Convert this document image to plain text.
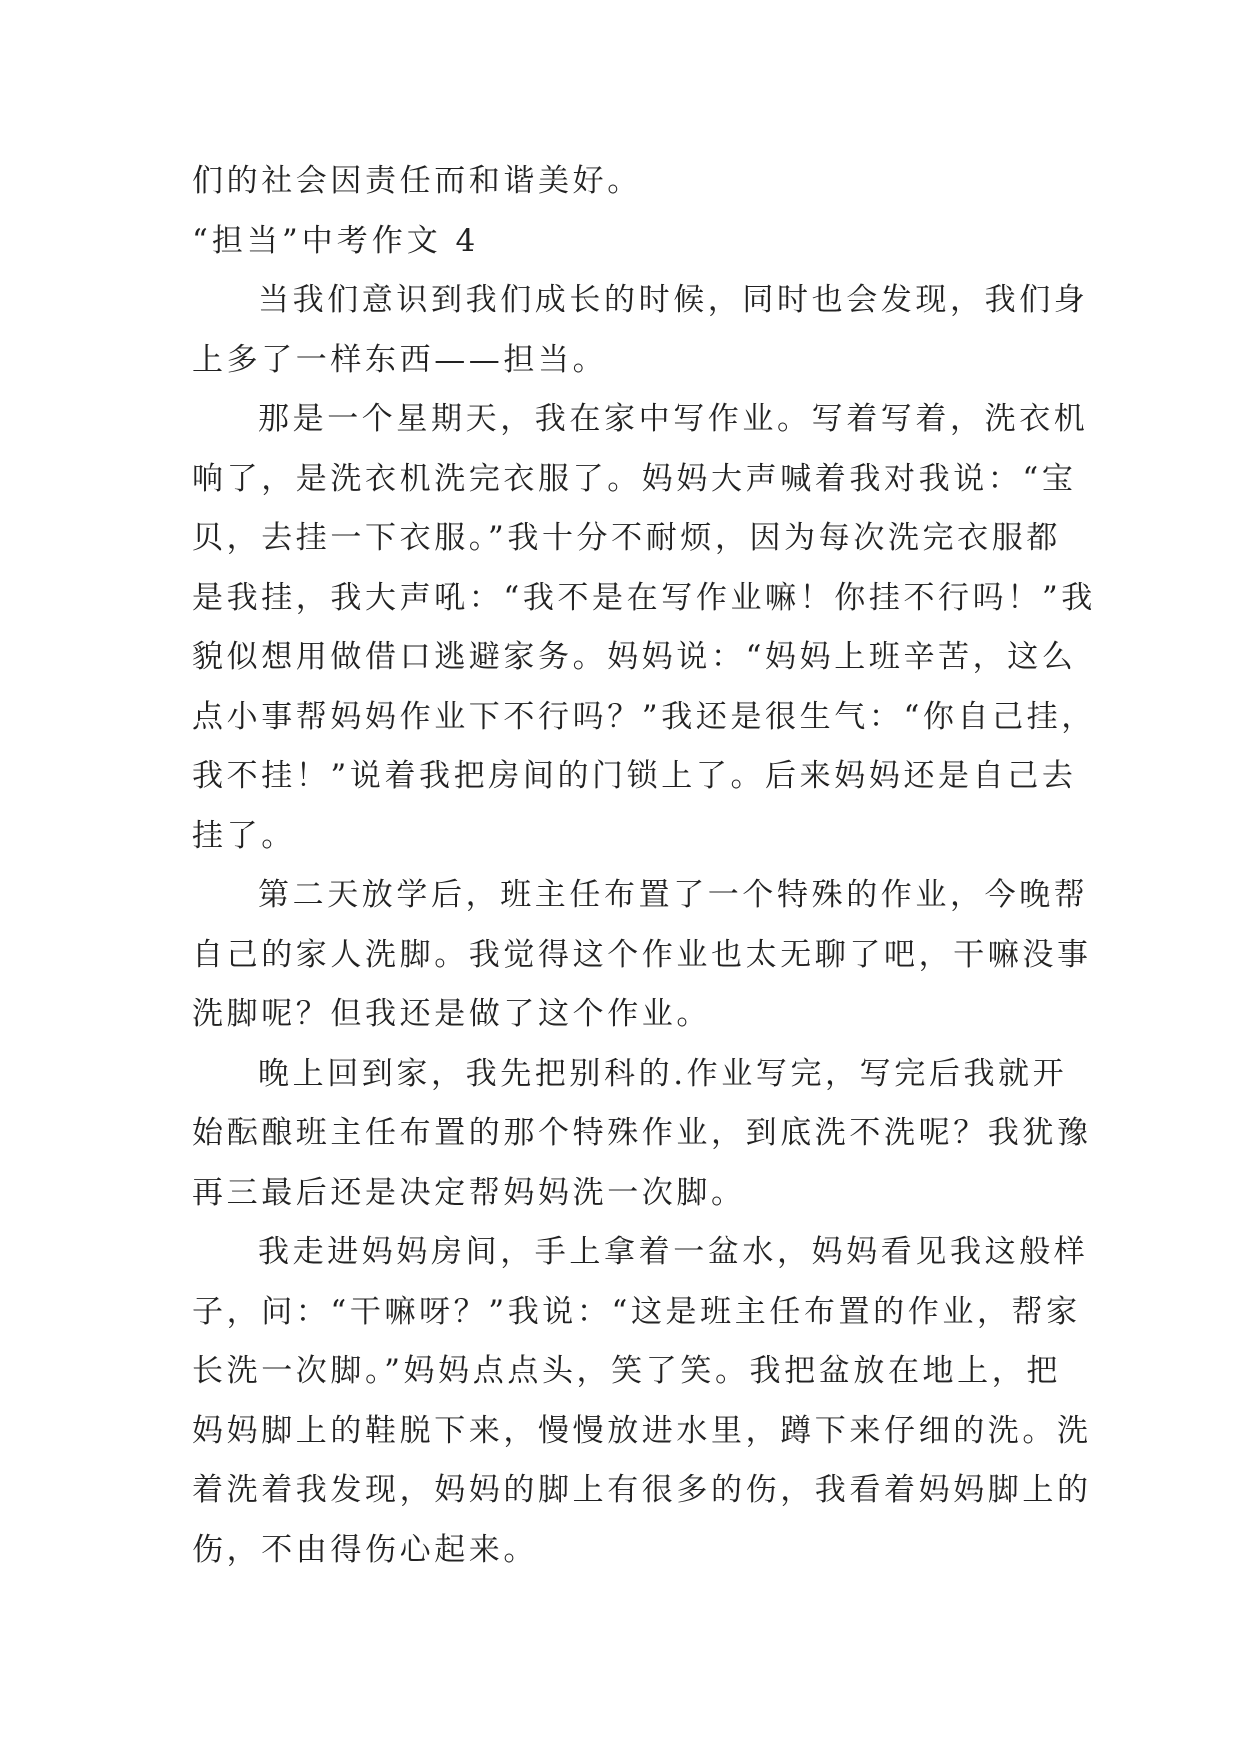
们的社会因责任而和谐美好。
“担当”中考作文 4
当我们意识到我们成长的时候，同时也会发现，我们身
上多了一样东西——担当。
那是一个星期天，我在家中写作业。写着写着，洗衣机
响了，是洗衣机洗完衣服了。妈妈大声喊着我对我说：“宝
贝，去挂一下衣服。”我十分不耐烦，因为每次洗完衣服都
是我挂，我大声吼：“我不是在写作业嘛！你挂不行吗！”我
貌似想用做借口逃避家务。妈妈说：“妈妈上班辛苦，这么
点小事帮妈妈作业下不行吗？”我还是很生气：“你自己挂，
我不挂！”说着我把房间的门锁上了。后来妈妈还是自己去
挂了。
第二天放学后，班主任布置了一个特殊的作业，今晚帮
自己的家人洗脚。我觉得这个作业也太无聊了吧，干嘛没事
洗脚呢？但我还是做了这个作业。
晚上回到家，我先把别科的.作业写完，写完后我就开
始酝酿班主任布置的那个特殊作业，到底洗不洗呢？我犹豫
再三最后还是决定帮妈妈洗一次脚。
我走进妈妈房间，手上拿着一盆水，妈妈看见我这般样
子，问：“干嘛呀？”我说：“这是班主任布置的作业，帮家
长洗一次脚。”妈妈点点头，笑了笑。我把盆放在地上，把
妈妈脚上的鞋脱下来，慢慢放进水里，蹲下来仔细的洗。洗
着洗着我发现，妈妈的脚上有很多的伤，我看着妈妈脚上的
伤，不由得伤心起来。
